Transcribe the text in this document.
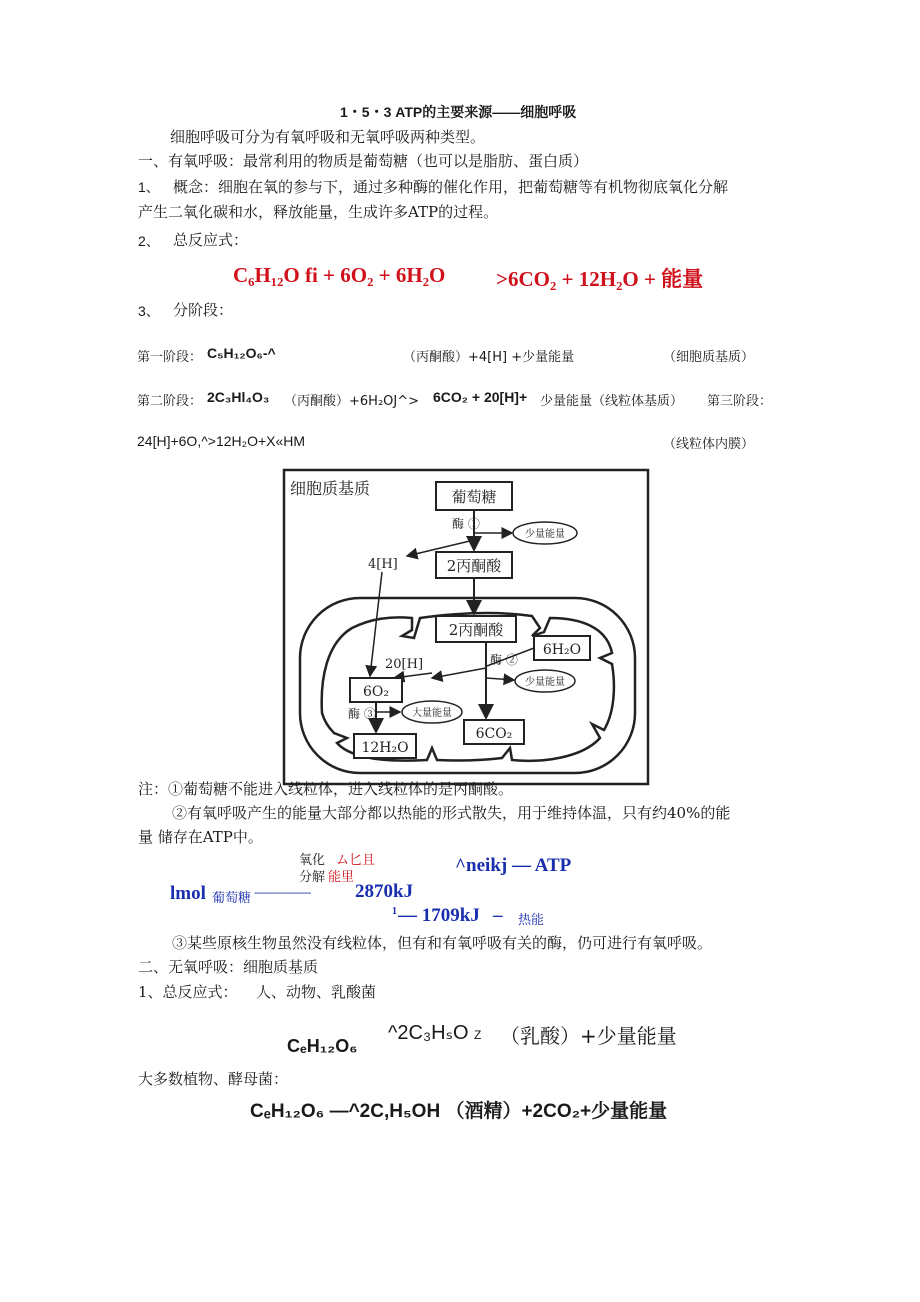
1・5・3 ATP的主要来源——细胞呼吸
细胞呼吸可分为有氧呼吸和无氧呼吸两种类型。
一、有氧呼吸：最常利用的物质是葡萄糖（也可以是脂肪、蛋白质）
1、 概念：细胞在氧的参与下，通过多种酶的催化作用，把葡萄糖等有机物彻底氧化分解
产生二氧化碳和水，释放能量，生成许多ATP的过程。
2、 总反应式：
C₆H₁₂O fi + 6O₂ + 6H₂O >6CO₂ + 12H₂O + 能量
3、 分阶段：
第一阶段： C₅H₁₂O₆-^	（丙酮酸）+4[H] +少量能量	（细胞质基质）
第二阶段： 2C₃Hl₄O₃ （丙酮酸）+6H₂OJ^> 6CO₂ + 20[H]+ 少量能量（线粒体基质） 第三阶段：
24[H]+6O,^>12H₂O+X«HM	（线粒体内膜）
细胞质基质	葡萄糖
酶 ①
少量能量
4[H]	2丙酮酸
2丙酮酸
6H₂O
酶 ②
少量能量
20[H]
6O₂
酶 ③	大量能量
6CO₂
12H₂O
注：①葡萄糖不能进入线粒体，进入线粒体的是丙酮酸。
②有氧呼吸产生的能量大部分都以热能的形式散失，用于维持体温，只有约40%的能
量 储存在ATP中。
氧化 ム匕且
分解 能里
^neikj — ATP
lmol 葡萄糖 ------------------- 2870kJ
1 — 1709kJ – 热能
③某些原核生物虽然没有线粒体，但有和有氧呼吸有关的酶，仍可进行有氧呼吸。
二、无氧呼吸：细胞质基质
1、总反应式： 人、动物、乳酸菌
CₑH₁₂O₆
^2C₃HₛO Z （乳酸）+少量能量
大多数植物、酵母菌：
CₑH₁₂O₆ —^2C,H₅OH （酒精）+2CO₂+少量能量
